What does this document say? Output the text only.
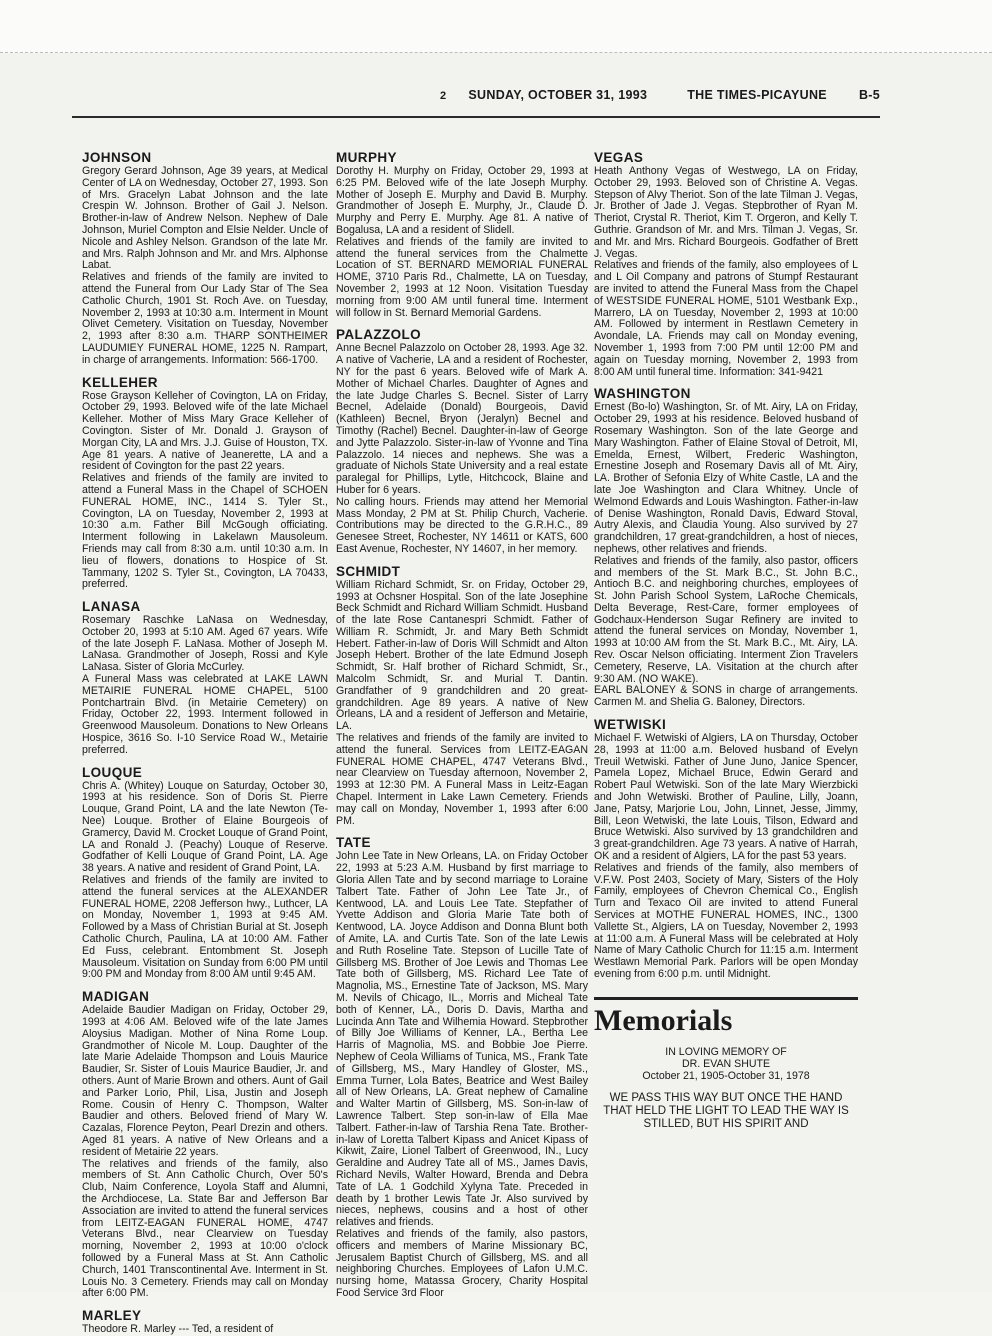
2 SUNDAY, OCTOBER 31, 1993	THE TIMES-PICAYUNE	B-5
JOHNSON

Gregory Gerard Johnson, Age 39 years, at Medical Center of LA on Wednesday, October 27, 1993. Son of Mrs. Gracelyn Labat Johnson and the late Crespin W. Johnson. Brother of Gail J. Nelson. Brother-in-law of Andrew Nelson. Nephew of Dale Johnson, Muriel Compton and Elsie Nelder. Uncle of Nicole and Ashley Nelson. Grandson of the late Mr. and Mrs. Ralph Johnson and Mr. and Mrs. Alphonse Labat.

Relatives and friends of the family are invited to attend the Funeral from Our Lady Star of The Sea Catholic Church, 1901 St. Roch Ave. on Tuesday, November 2, 1993 at 10:30 a.m. Interment in Mount Olivet Cemetery. Visitation on Tuesday, November 2, 1993 after 8:30 a.m. THARP SONTHEIMER LAUDUMIEY FUNERAL HOME, 1225 N. Rampart, in charge of arrangements. Information: 566-1700.

KELLEHER

Rose Grayson Kelleher of Covington, LA on Friday, October 29, 1993. Beloved wife of the late Michael Kelleher. Mother of Miss Mary Grace Kelleher of Covington. Sister of Mr. Donald J. Grayson of Morgan City, LA and Mrs. J.J. Guise of Houston, TX. Age 81 years. A native of Jeanerette, LA and a resident of Covington for the past 22 years.

Relatives and friends of the family are invited to attend a Funeral Mass in the Chapel of SCHOEN FUNERAL HOME, INC., 1414 S. Tyler St., Covington, LA on Tuesday, November 2, 1993 at 10:30 a.m. Father Bill McGough officiating. Interment following in Lakelawn Mausoleum. Friends may call from 8:30 a.m. until 10:30 a.m. In lieu of flowers, donations to Hospice of St. Tammany, 1202 S. Tyler St., Covington, LA 70433, preferred.

LANASA

Rosemary Raschke LaNasa on Wednesday, October 20, 1993 at 5:10 AM. Aged 67 years. Wife of the late Joseph F. LaNasa. Mother of Joseph M. LaNasa. Grandmother of Joseph, Rossi and Kyle LaNasa. Sister of Gloria McCurley.

A Funeral Mass was celebrated at LAKE LAWN METAIRIE FUNERAL HOME CHAPEL, 5100 Pontchartrain Blvd. (in Metairie Cemetery) on Friday, October 22, 1993. Interment followed in Greenwood Mausoleum. Donations to New Orleans Hospice, 3616 So. I-10 Service Road W., Metairie preferred.

LOUQUE

Chris A. (Whitey) Louque on Saturday, October 30, 1993 at his residence. Son of Doris St. Pierre Louque, Grand Point, LA and the late Newton (Te-Nee) Louque. Brother of Elaine Bourgeois of Gramercy, David M. Crocket Louque of Grand Point, LA and Ronald J. (Peachy) Louque of Reserve. Godfather of Kelli Louque of Grand Point, LA. Age 38 years. A native and resident of Grand Point, LA.

Relatives and friends of the family are invited to attend the funeral services at the ALEXANDER FUNERAL HOME, 2208 Jefferson hwy., Luthcer, LA on Monday, November 1, 1993 at 9:45 AM. Followed by a Mass of Christian Burial at St. Joseph Catholic Church, Paulina, LA at 10:00 AM. Father Ed Fuss, celebrant. Entombment St. Joseph Mausoleum. Visitation on Sunday from 6:00 PM until 9:00 PM and Monday from 8:00 AM until 9:45 AM.

MADIGAN

Adelaide Baudier Madigan on Friday, October 29, 1993 at 4:06 AM. Beloved wife of the late James Aloysius Madigan. Mother of Nina Rome Loup. Grandmother of Nicole M. Loup. Daughter of the late Marie Adelaide Thompson and Louis Maurice Baudier, Sr. Sister of Louis Maurice Baudier, Jr. and others. Aunt of Marie Brown and others. Aunt of Gail and Parker Lorio, Phil, Lisa, Justin and Joseph Rome. Cousin of Henry C. Thompson, Walter Baudier and others. Beloved friend of Mary W. Cazalas, Florence Peyton, Pearl Drezin and others. Aged 81 years. A native of New Orleans and a resident of Metairie 22 years.

The relatives and friends of the family, also members of St. Ann Catholic Church, Over 50's Club, Naim Conference, Loyola Staff and Alumni, the Archdiocese, La. State Bar and Jefferson Bar Association are invited to attend the funeral services from LEITZ-EAGAN FUNERAL HOME, 4747 Veterans Blvd., near Clearview on Tuesday morning, November 2, 1993 at 10:00 o'clock followed by a Funeral Mass at St. Ann Catholic Church, 1401 Transcontinental Ave. Interment in St. Louis No. 3 Cemetery. Friends may call on Monday after 6:00 PM.

MARLEY

Theodore R. Marley --- Ted, a resident of

MURPHY

Dorothy H. Murphy on Friday, October 29, 1993 at 6:25 PM. Beloved wife of the late Joseph Murphy. Mother of Joseph E. Murphy and David B. Murphy. Grandmother of Joseph E. Murphy, Jr., Claude D. Murphy and Perry E. Murphy. Age 81. A native of Bogalusa, LA and a resident of Slidell.

Relatives and friends of the family are invited to attend the funeral services from the Chalmette Location of ST. BERNARD MEMORIAL FUNERAL HOME, 3710 Paris Rd., Chalmette, LA on Tuesday, November 2, 1993 at 12 Noon. Visitation Tuesday morning from 9:00 AM until funeral time. Interment will follow in St. Bernard Memorial Gardens.

PALAZZOLO

Anne Becnel Palazzolo on October 28, 1993. Age 32. A native of Vacherie, LA and a resident of Rochester, NY for the past 6 years. Beloved wife of Mark A. Mother of Michael Charles. Daughter of Agnes and the late Judge Charles S. Becnel. Sister of Larry Becnel, Adelaide (Donald) Bourgeois, David (Kathleen) Becnel, Bryon (Jeralyn) Becnel and Timothy (Rachel) Becnel. Daughter-in-law of George and Jytte Palazzolo. Sister-in-law of Yvonne and Tina Palazzolo. 14 nieces and nephews. She was a graduate of Nichols State University and a real estate paralegal for Phillips, Lytle, Hitchcock, Blaine and Huber for 6 years.

No calling hours. Friends may attend her Memorial Mass Monday, 2 PM at St. Philip Church, Vacherie. Contributions may be directed to the G.R.H.C., 89 Genesee Street, Rochester, NY 14611 or KATS, 600 East Avenue, Rochester, NY 14607, in her memory.

SCHMIDT

William Richard Schmidt, Sr. on Friday, October 29, 1993 at Ochsner Hospital. Son of the late Josephine Beck Schmidt and Richard William Schmidt. Husband of the late Rose Cantanespri Schmidt. Father of William R. Schmidt, Jr. and Mary Beth Schmidt Hebert. Father-in-law of Doris Will Schmidt and Alton Joseph Hebert. Brother of the late Edmund Joseph Schmidt, Sr. Half brother of Richard Schmidt, Sr., Malcolm Schmidt, Sr. and Murial T. Dantin. Grandfather of 9 grandchildren and 20 great-grandchildren. Age 89 years. A native of New Orleans, LA and a resident of Jefferson and Metairie, LA.

The relatives and friends of the family are invited to attend the funeral. Services from LEITZ-EAGAN FUNERAL HOME CHAPEL, 4747 Veterans Blvd., near Clearview on Tuesday afternoon, November 2, 1993 at 12:30 PM. A Funeral Mass in Leitz-Eagan Chapel. Interment in Lake Lawn Cemetery. Friends may call on Monday, November 1, 1993 after 6:00 PM.

TATE

John Lee Tate in New Orleans, LA. on Friday October 22, 1993 at 5:23 A.M. Husband by first marriage to Gloria Allen Tate and by second marriage to Loraine Talbert Tate. Father of John Lee Tate Jr., of Kentwood, LA. and Louis Lee Tate. Stepfather of Yvette Addison and Gloria Marie Tate both of Kentwood, LA. Joyce Addison and Donna Blunt both of Amite, LA. and Curtis Tate. Son of the late Lewis and Ruth Roseline Tate. Stepson of Lucille Tate of Gillsberg MS. Brother of Joe Lewis and Thomas Lee Tate both of Gillsberg, MS. Richard Lee Tate of Magnolia, MS., Ernestine Tate of Jackson, MS. Mary M. Nevils of Chicago, IL., Morris and Micheal Tate both of Kenner, LA., Doris D. Davis, Martha and Lucinda Ann Tate and Wilhemia Howard. Stepbrother of Billy Joe Williams of Kenner, LA., Bertha Lee Harris of Magnolia, MS. and Bobbie Joe Pierre. Nephew of Ceola Williams of Tunica, MS., Frank Tate of Gillsberg, MS., Mary Handley of Gloster, MS., Emma Turner, Lola Bates, Beatrice and West Bailey all of New Orleans, LA. Great nephew of Camaline and Walter Martin of Gillsberg, MS. Son-in-law of Lawrence Talbert. Step son-in-law of Ella Mae Talbert. Father-in-law of Tarshia Rena Tate. Brother-in-law of Loretta Talbert Kipass and Anicet Kipass of Kikwit, Zaire, Lionel Talbert of Greenwood, IN., Lucy Geraldine and Audrey Tate all of MS., James Davis, Richard Nevils, Walter Howard, Brenda and Debra Tate of LA. 1 Godchild Xylyna Tate. Preceded in death by 1 brother Lewis Tate Jr. Also survived by nieces, nephews, cousins and a host of other relatives and friends.

Relatives and friends of the family, also pastors, officers and members of Marine Missionary BC, Jerusalem Baptist Church of Gillsberg, MS. and all neighboring Churches. Employees of Lafon U.M.C. nursing home, Matassa Grocery, Charity Hospital Food Service 3rd Floor

VEGAS

Heath Anthony Vegas of Westwego, LA on Friday, October 29, 1993. Beloved son of Christine A. Vegas. Stepson of Alvy Theriot. Son of the late Tilman J. Vegas, Jr. Brother of Jade J. Vegas. Stepbrother of Ryan M. Theriot, Crystal R. Theriot, Kim T. Orgeron, and Kelly T. Guthrie. Grandson of Mr. and Mrs. Tilman J. Vegas, Sr. and Mr. and Mrs. Richard Bourgeois. Godfather of Brett J. Vegas.

Relatives and friends of the family, also employees of L and L Oil Company and patrons of Stumpf Restaurant are invited to attend the Funeral Mass from the Chapel of WESTSIDE FUNERAL HOME, 5101 Westbank Exp., Marrero, LA on Tuesday, November 2, 1993 at 10:00 AM. Followed by interment in Restlawn Cemetery in Avondale, LA. Friends may call on Monday evening, November 1, 1993 from 7:00 PM until 12:00 PM and again on Tuesday morning, November 2, 1993 from 8:00 AM until funeral time. Information: 341-9421

WASHINGTON

Ernest (Bo-lo) Washington, Sr. of Mt. Airy, LA on Friday, October 29, 1993 at his residence. Beloved husband of Rosemary Washington. Son of the late George and Mary Washington. Father of Elaine Stoval of Detroit, MI, Emelda, Ernest, Wilbert, Frederic Washington, Ernestine Joseph and Rosemary Davis all of Mt. Airy, LA. Brother of Sefonia Elzy of White Castle, LA and the late Joe Washington and Clara Whitney. Uncle of Welmond Edwards and Louis Washington. Father-in-law of Denise Washington, Ronald Davis, Edward Stoval, Autry Alexis, and Claudia Young. Also survived by 27 grandchildren, 17 great-grandchildren, a host of nieces, nephews, other relatives and friends.

Relatives and friends of the family, also pastor, officers and members of the St. Mark B.C., St. John B.C., Antioch B.C. and neighboring churches, employees of St. John Parish School System, LaRoche Chemicals, Delta Beverage, Rest-Care, former employees of Godchaux-Henderson Sugar Refinery are invited to attend the funeral services on Monday, November 1, 1993 at 10:00 AM from the St. Mark B.C., Mt. Airy, LA. Rev. Oscar Nelson officiating. Interment Zion Travelers Cemetery, Reserve, LA. Visitation at the church after 9:30 AM. (NO WAKE).

EARL BALONEY & SONS in charge of arrangements. Carmen M. and Shelia G. Baloney, Directors.

WETWISKI

Michael F. Wetwiski of Algiers, LA on Thursday, October 28, 1993 at 11:00 a.m. Beloved husband of Evelyn Treuil Wetwiski. Father of June Juno, Janice Spencer, Pamela Lopez, Michael Bruce, Edwin Gerard and Robert Paul Wetwiski. Son of the late Mary Wierzbicki and John Wetwiski. Brother of Pauline, Lilly, Joann, Jane, Patsy, Marjorie Lou, John, Linnet, Jesse, Jimmy, Bill, Leon Wetwiski, the late Louis, Tilson, Edward and Bruce Wetwiski. Also survived by 13 grandchildren and 3 great-grandchildren. Age 73 years. A native of Harrah, OK and a resident of Algiers, LA for the past 53 years.

Relatives and friends of the family, also members of V.F.W. Post 2403, Society of Mary, Sisters of the Holy Family, employees of Chevron Chemical Co., English Turn and Texaco Oil are invited to attend Funeral Services at MOTHE FUNERAL HOMES, INC., 1300 Vallette St., Algiers, LA on Tuesday, November 2, 1993 at 11:00 a.m. A Funeral Mass will be celebrated at Holy Name of Mary Catholic Church for 11:15 a.m. Interment Westlawn Memorial Park. Parlors will be open Monday evening from 6:00 p.m. until Midnight.

Memorials
IN LOVING MEMORY OF
DR. EVAN SHUTE
October 21, 1905-October 31, 1978
WE PASS THIS WAY BUT ONCE THE HAND THAT HELD THE LIGHT TO LEAD THE WAY IS STILLED, BUT HIS SPIRIT AND
